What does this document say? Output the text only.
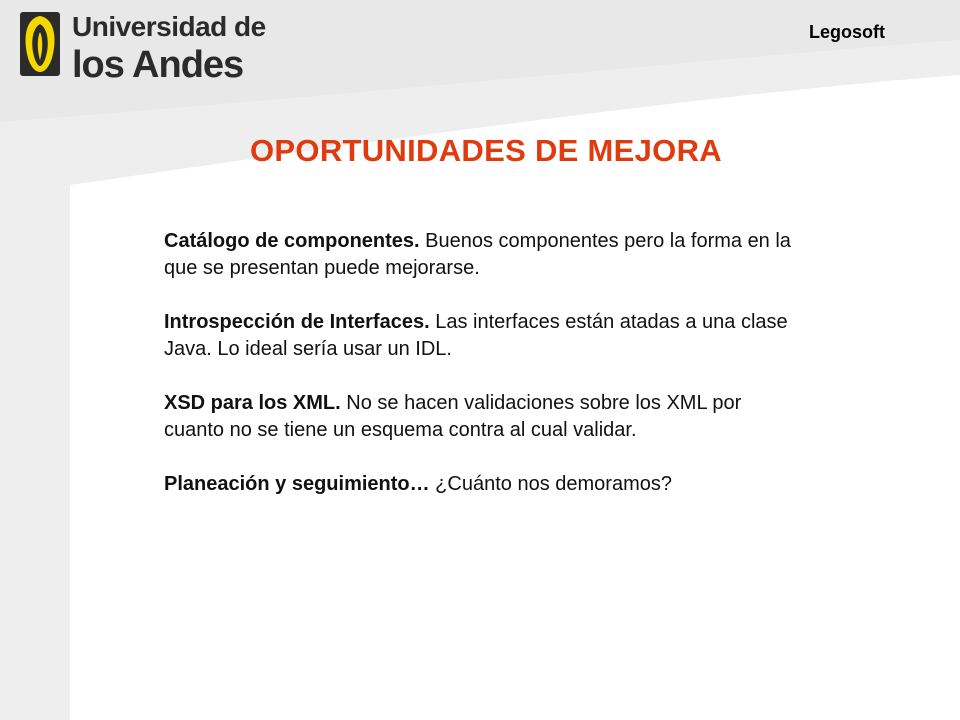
Universidad de
los Andes
Legosoft
OPORTUNIDADES DE MEJORA

Catálogo de componentes. Buenos componentes pero la forma en la que se presentan puede mejorarse.

Introspección de Interfaces. Las interfaces están atadas a una clase Java. Lo ideal sería usar un IDL.

XSD para los XML. No se hacen validaciones sobre los XML por cuanto no se tiene un esquema contra al cual validar.

Planeación y seguimiento… ¿Cuánto nos demoramos?
